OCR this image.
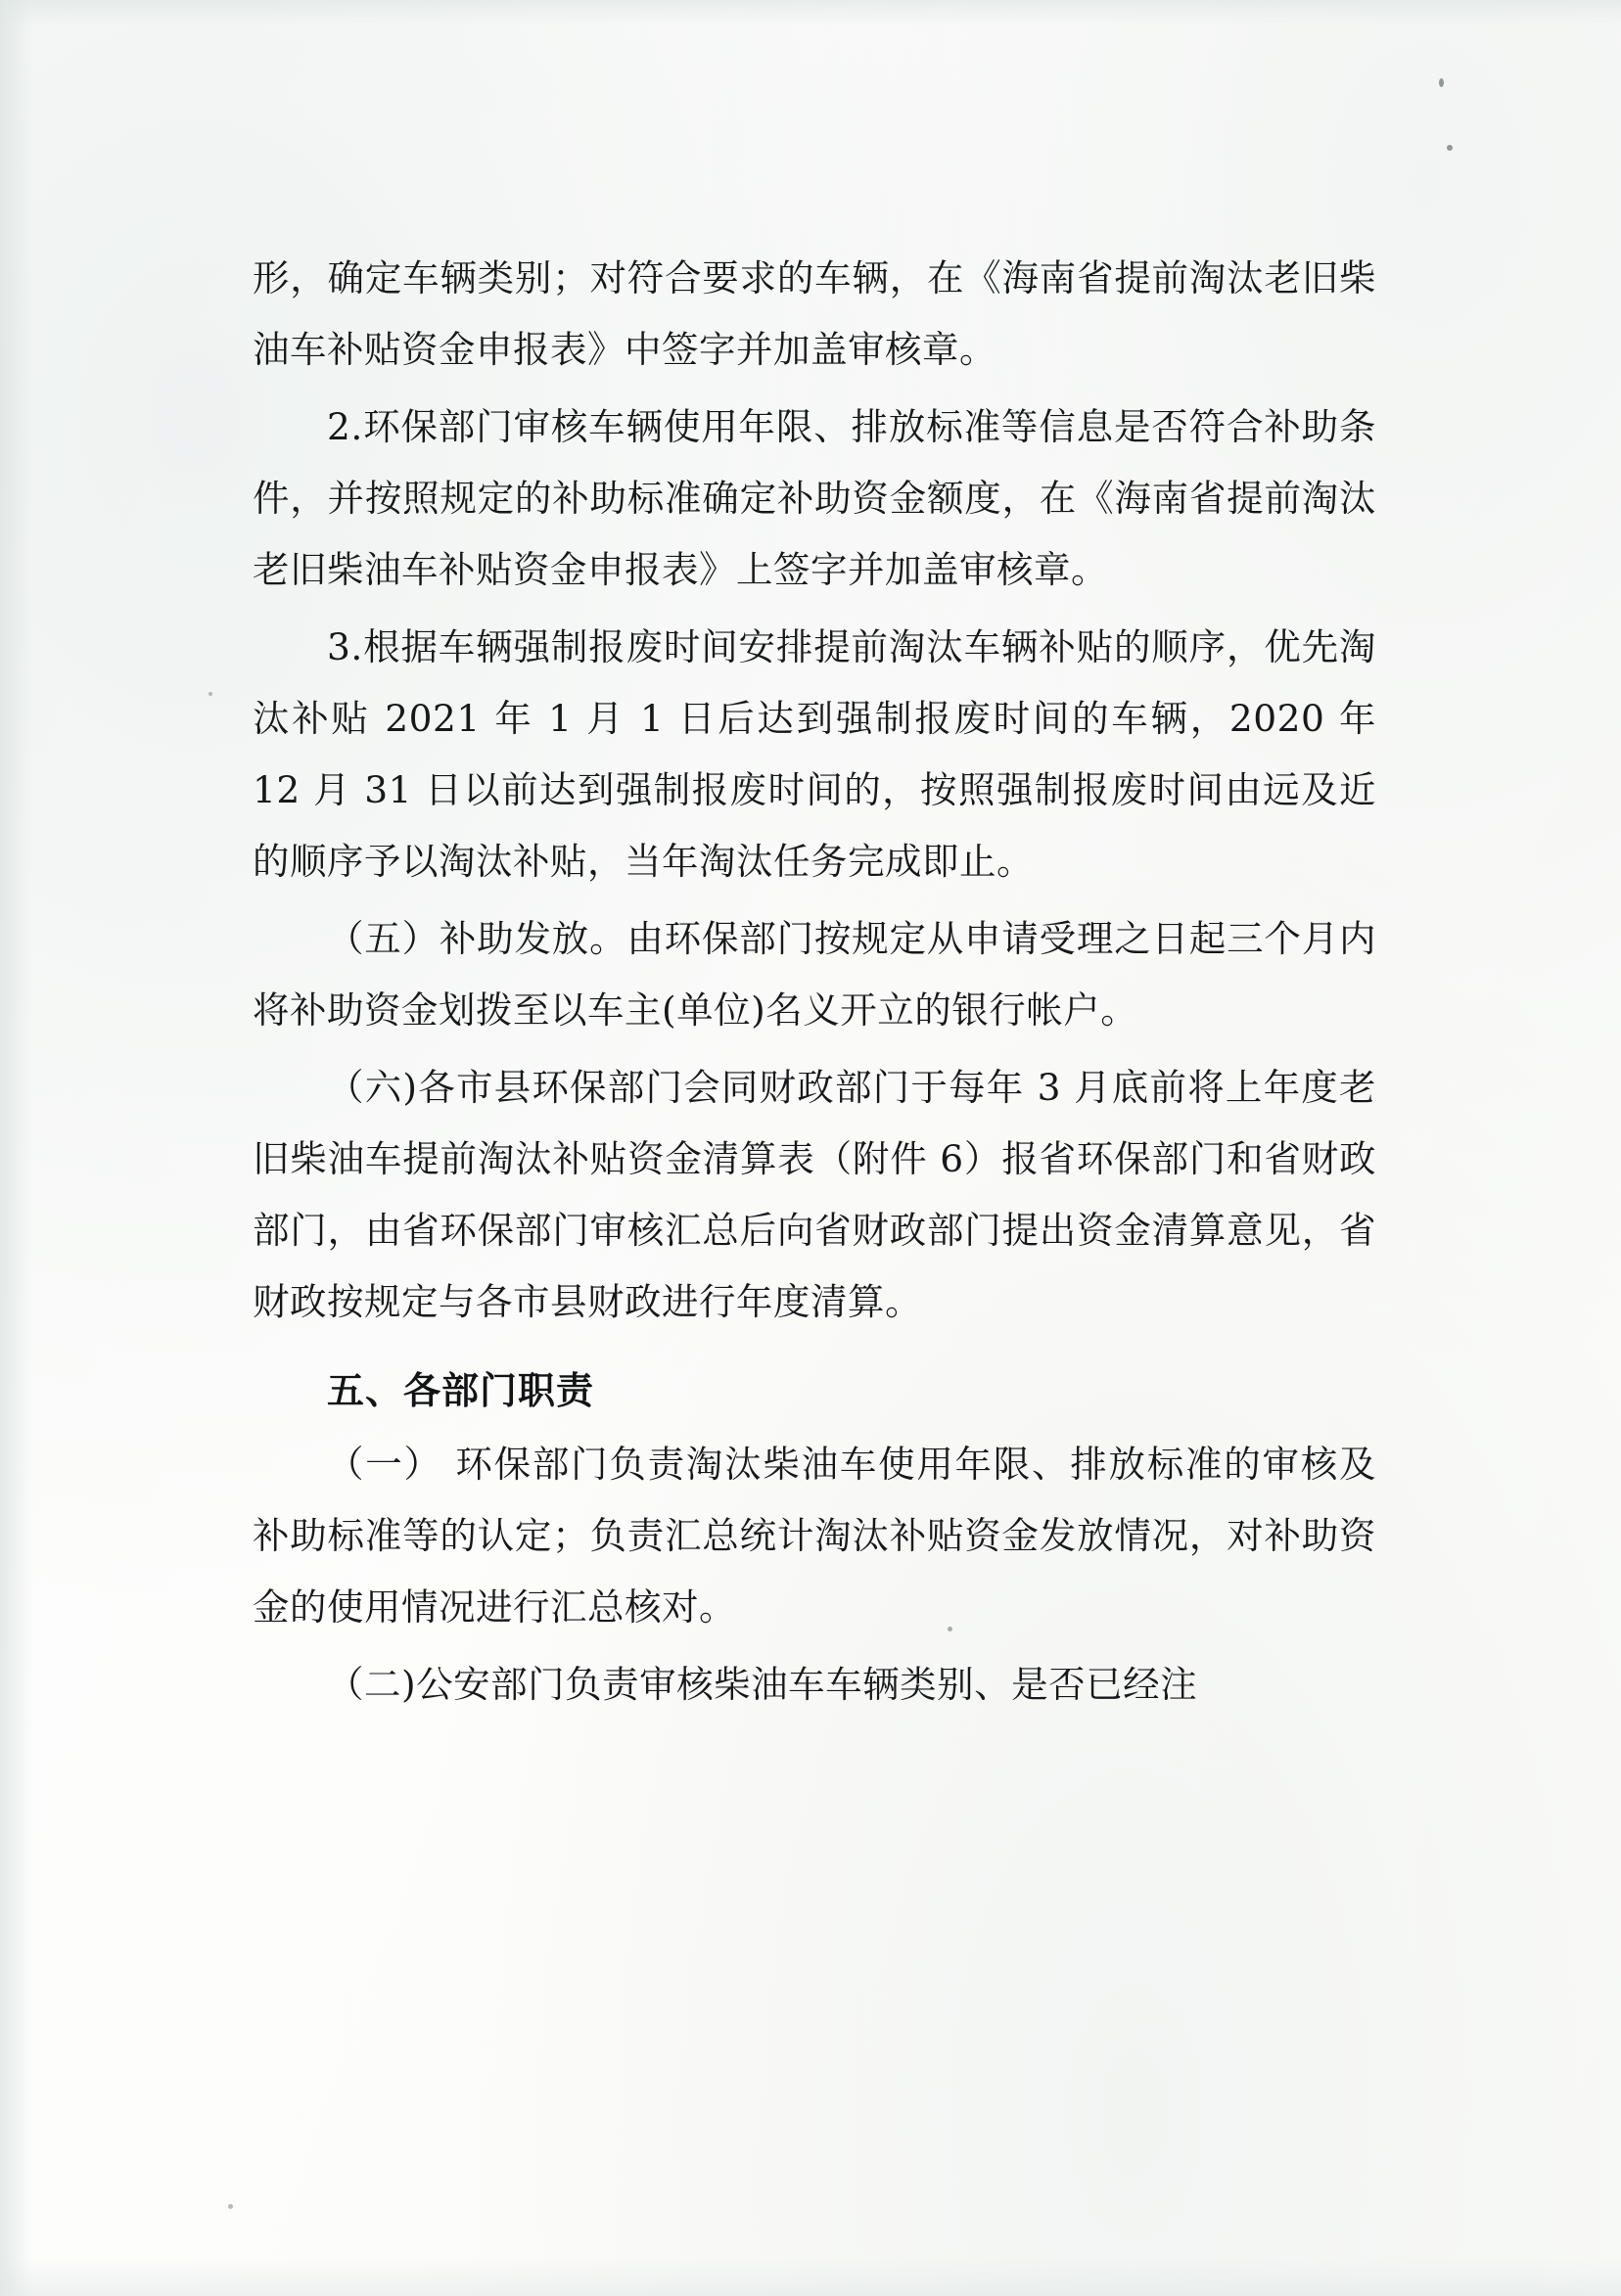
形，确定车辆类别；对符合要求的车辆，在《海南省提前淘汰老旧柴油车补贴资金申报表》中签字并加盖审核章。

2.环保部门审核车辆使用年限、排放标准等信息是否符合补助条件，并按照规定的补助标准确定补助资金额度，在《海南省提前淘汰老旧柴油车补贴资金申报表》上签字并加盖审核章。

3.根据车辆强制报废时间安排提前淘汰车辆补贴的顺序，优先淘汰补贴 2021 年 1 月 1 日后达到强制报废时间的车辆，2020 年 12 月 31 日以前达到强制报废时间的，按照强制报废时间由远及近的顺序予以淘汰补贴，当年淘汰任务完成即止。

（五）补助发放。由环保部门按规定从申请受理之日起三个月内将补助资金划拨至以车主(单位)名义开立的银行帐户。

（六)各市县环保部门会同财政部门于每年 3 月底前将上年度老旧柴油车提前淘汰补贴资金清算表（附件 6）报省环保部门和省财政部门，由省环保部门审核汇总后向省财政部门提出资金清算意见，省财政按规定与各市县财政进行年度清算。

五、各部门职责

（一） 环保部门负责淘汰柴油车使用年限、排放标准的审核及补助标准等的认定；负责汇总统计淘汰补贴资金发放情况，对补助资金的使用情况进行汇总核对。

（二)公安部门负责审核柴油车车辆类别、是否已经注
